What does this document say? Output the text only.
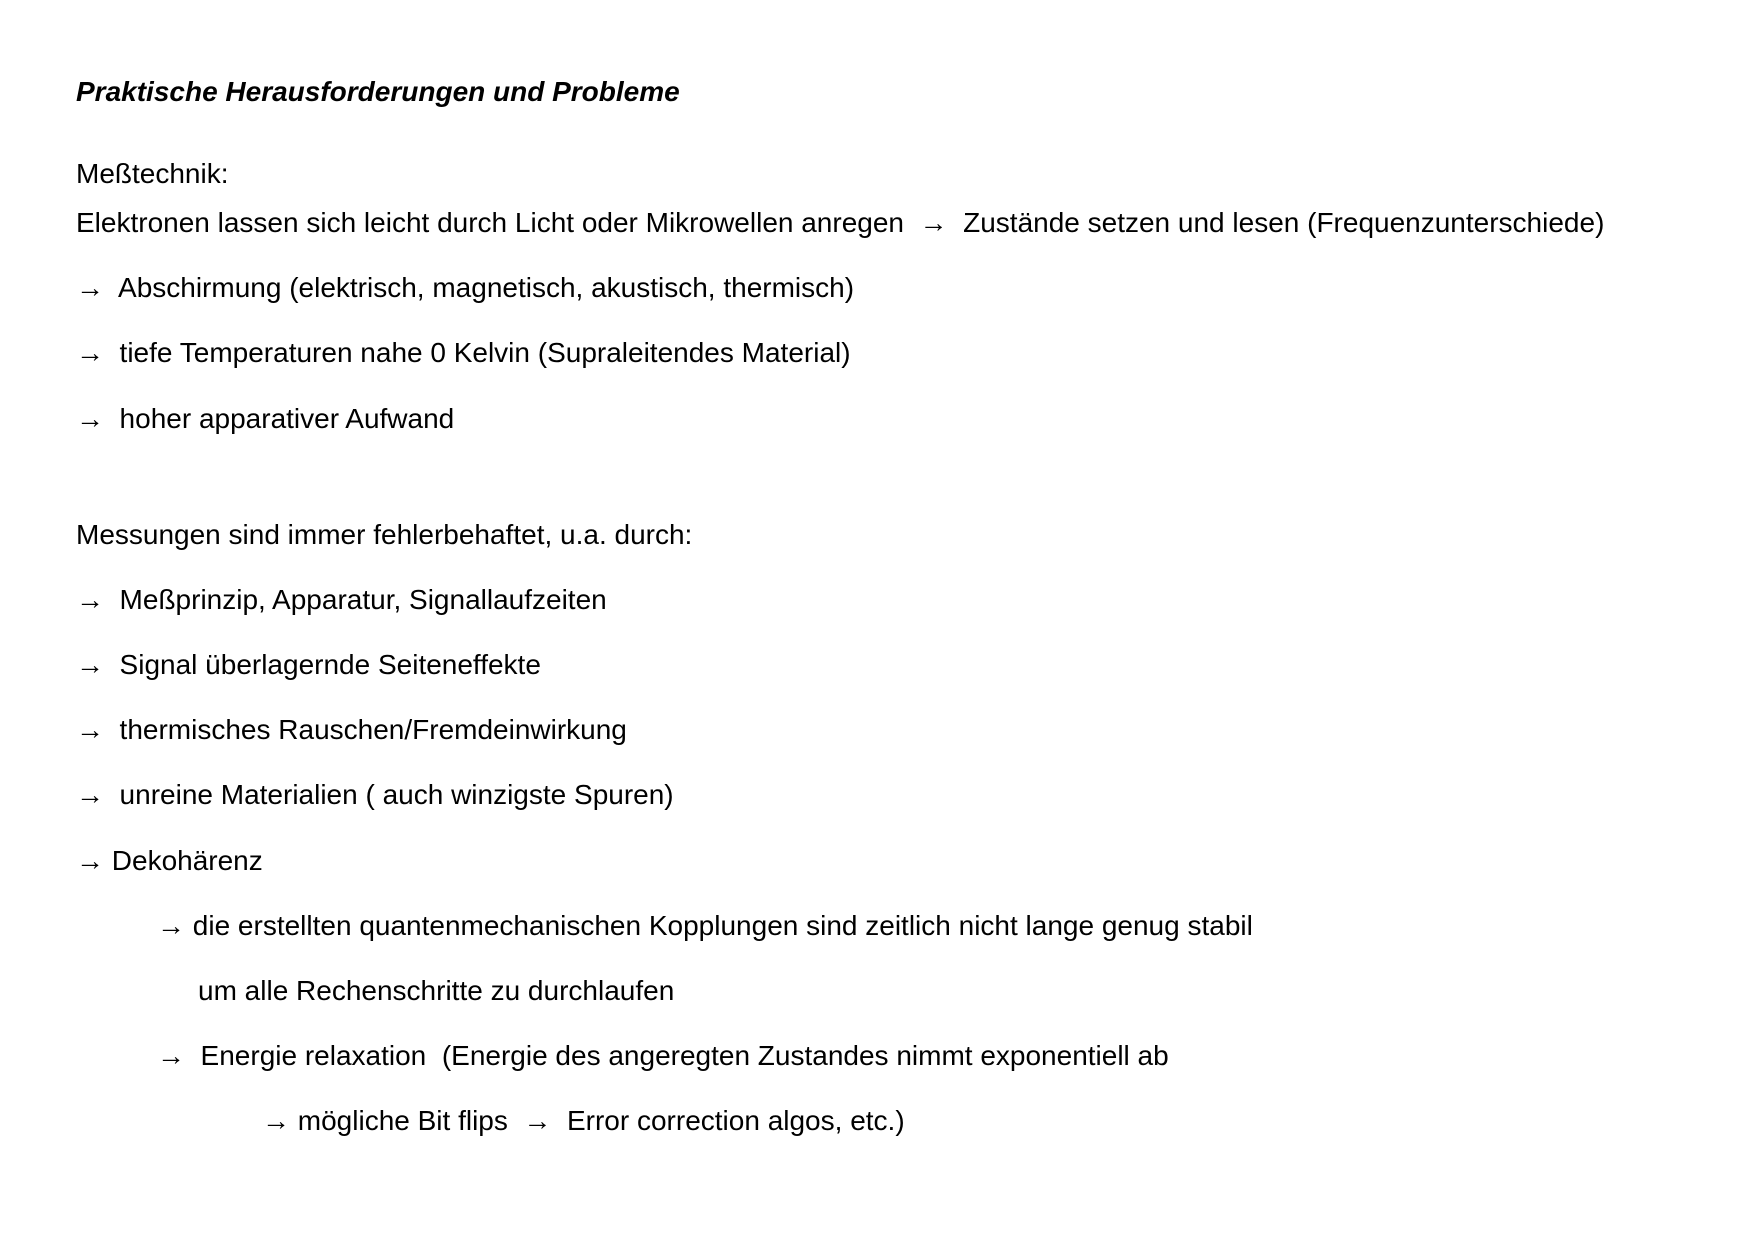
Praktische Herausforderungen und Probleme
Meßtechnik:
Elektronen lassen sich leicht durch Licht oder Mikrowellen anregen  →  Zustände setzen und lesen (Frequenzunterschiede)
→  Abschirmung (elektrisch, magnetisch, akustisch, thermisch)
→  tiefe Temperaturen nahe 0 Kelvin (Supraleitendes Material)
→  hoher apparativer Aufwand
Messungen sind immer fehlerbehaftet, u.a. durch:
→  Meßprinzip, Apparatur, Signallaufzeiten
→  Signal überlagernde Seiteneffekte
→  thermisches Rauschen/Fremdeinwirkung
→  unreine Materialien ( auch winzigste Spuren)
→ Dekohärenz
→ die erstellten quantenmechanischen Kopplungen sind zeitlich nicht lange genug stabil
um alle Rechenschritte zu durchlaufen
→  Energie relaxation  (Energie des angeregten Zustandes nimmt exponentiell ab
→ mögliche Bit flips  →  Error correction algos, etc.)
